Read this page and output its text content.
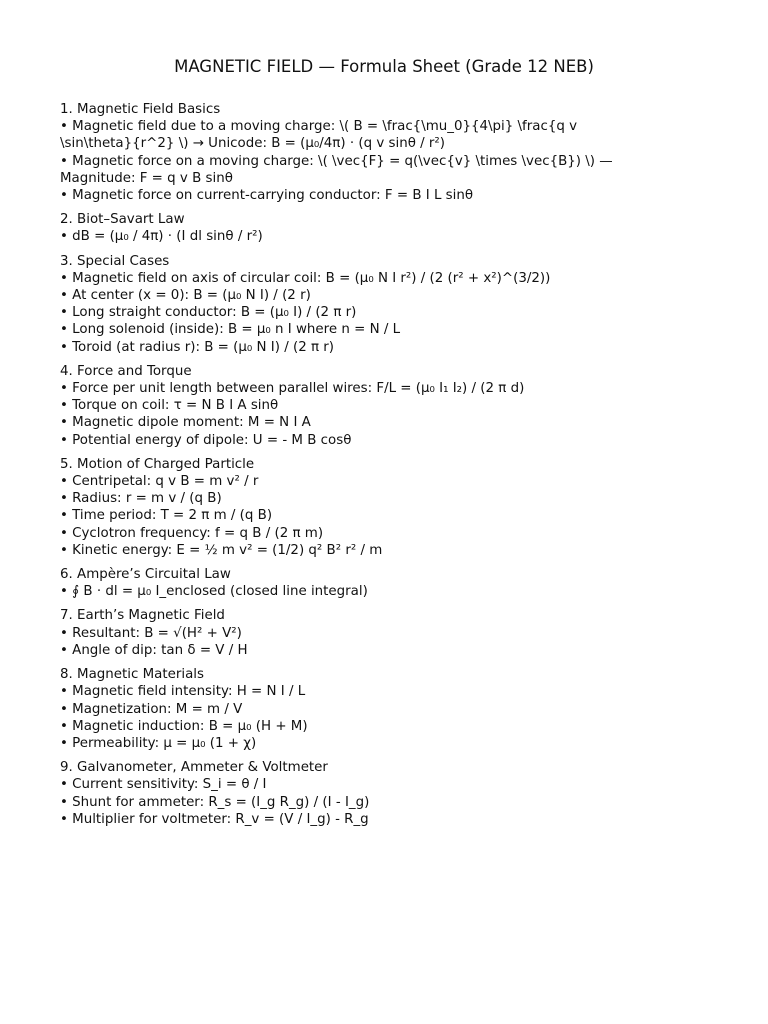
MAGNETIC FIELD — Formula Sheet (Grade 12 NEB)
1. Magnetic Field Basics
• Magnetic field due to a moving charge: \( B = \frac{\mu_0}{4\pi} \frac{q v
\sin\theta}{r^2} \) → Unicode: B = (μ₀/4π) · (q v sinθ / r²)
• Magnetic force on a moving charge: \( \vec{F} = q(\vec{v} \times \vec{B}) \) —
Magnitude: F = q v B sinθ
• Magnetic force on current-carrying conductor: F = B I L sinθ
2. Biot–Savart Law
• dB = (μ₀ / 4π) · (I dl sinθ / r²)
3. Special Cases
• Magnetic field on axis of circular coil: B = (μ₀ N I r²) / (2 (r² + x²)^(3/2))
• At center (x = 0): B = (μ₀ N I) / (2 r)
• Long straight conductor: B = (μ₀ I) / (2 π r)
• Long solenoid (inside): B = μ₀ n I where n = N / L
• Toroid (at radius r): B = (μ₀ N I) / (2 π r)
4. Force and Torque
• Force per unit length between parallel wires: F/L = (μ₀ I₁ I₂) / (2 π d)
• Torque on coil: τ = N B I A sinθ
• Magnetic dipole moment: M = N I A
• Potential energy of dipole: U = - M B cosθ
5. Motion of Charged Particle
• Centripetal: q v B = m v² / r
• Radius: r = m v / (q B)
• Time period: T = 2 π m / (q B)
• Cyclotron frequency: f = q B / (2 π m)
• Kinetic energy: E = ½ m v² = (1/2) q² B² r² / m
6. Ampère’s Circuital Law
• ∮ B · dl = μ₀ I_enclosed (closed line integral)
7. Earth’s Magnetic Field
• Resultant: B = √(H² + V²)
• Angle of dip: tan δ = V / H
8. Magnetic Materials
• Magnetic field intensity: H = N I / L
• Magnetization: M = m / V
• Magnetic induction: B = μ₀ (H + M)
• Permeability: μ = μ₀ (1 + χ)
9. Galvanometer, Ammeter & Voltmeter
• Current sensitivity: S_i = θ / I
• Shunt for ammeter: R_s = (I_g R_g) / (I - I_g)
• Multiplier for voltmeter: R_v = (V / I_g) - R_g
